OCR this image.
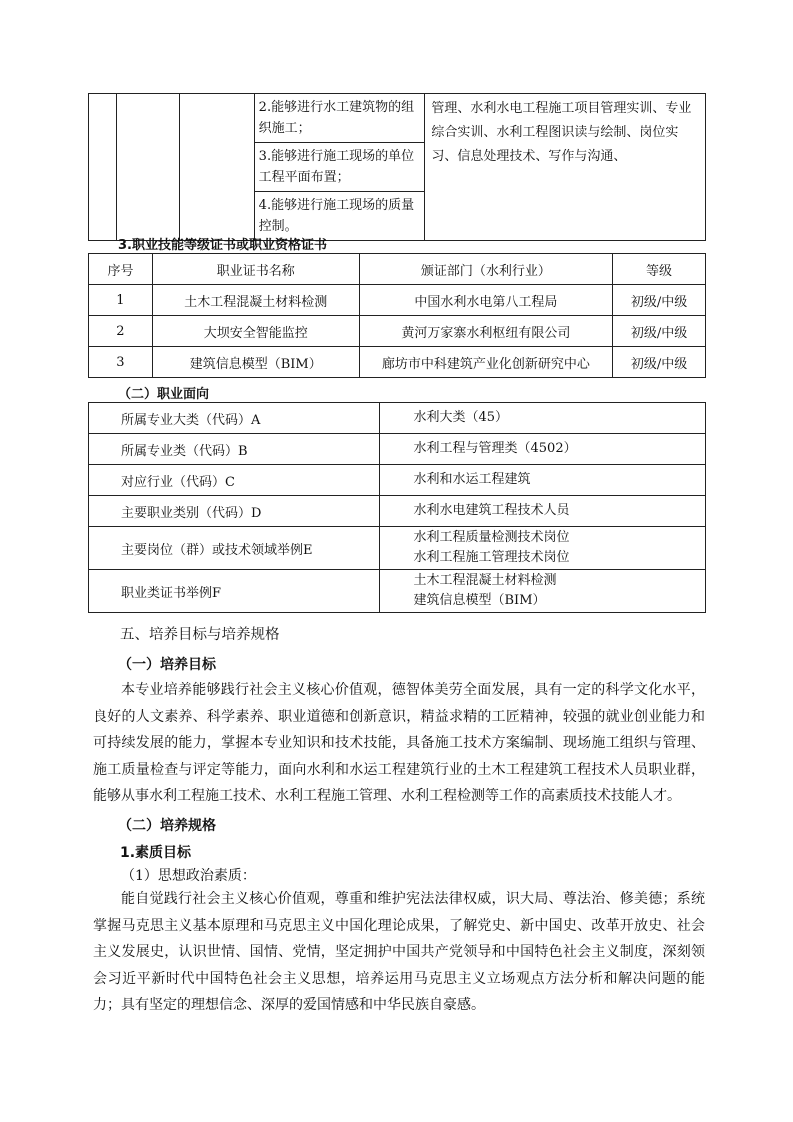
			2.能够进行水工建筑物的组织施工；	管理、水利水电工程施工项目管理实训、专业综合实训、水利工程图识读与绘制、岗位实习、信息处理技术、写作与沟通、
3.能够进行施工现场的单位工程平面布置；
4.能够进行施工现场的质量控制。
3.职业技能等级证书或职业资格证书
序号	职业证书名称	颁证部门（水利行业）	等级
1	土木工程混凝土材料检测	中国水利水电第八工程局	初级/中级
2	大坝安全智能监控	黄河万家寨水利枢纽有限公司	初级/中级
3	建筑信息模型（BIM）	廊坊市中科建筑产业化创新研究中心	初级/中级
（二）职业面向
所属专业大类（代码）A	水利大类（45）
所属专业类（代码）B	水利工程与管理类（4502）
对应行业（代码）C	水利和水运工程建筑
主要职业类别（代码）D	水利水电建筑工程技术人员
主要岗位（群）或技术领域举例E	水利工程质量检测技术岗位
水利工程施工管理技术岗位

职业类证书举例F	土木工程混凝土材料检测
建筑信息模型（BIM）
五、培养目标与培养规格
（一）培养目标
本专业培养能够践行社会主义核心价值观，德智体美劳全面发展，具有一定的科学文化水平，良好的人文素养、科学素养、职业道德和创新意识，精益求精的工匠精神，较强的就业创业能力和可持续发展的能力，掌握本专业知识和技术技能，具备施工技术方案编制、现场施工组织与管理、施工质量检查与评定等能力，面向水利和水运工程建筑行业的土木工程建筑工程技术人员职业群，能够从事水利工程施工技术、水利工程施工管理、水利工程检测等工作的高素质技术技能人才。
（二）培养规格
1.素质目标
（1）思想政治素质：
能自觉践行社会主义核心价值观，尊重和维护宪法法律权威，识大局、尊法治、修美德；系统掌握马克思主义基本原理和马克思主义中国化理论成果，了解党史、新中国史、改革开放史、社会主义发展史，认识世情、国情、党情，坚定拥护中国共产党领导和中国特色社会主义制度，深刻领会习近平新时代中国特色社会主义思想，培养运用马克思主义立场观点方法分析和解决问题的能力；具有坚定的理想信念、深厚的爱国情感和中华民族自豪感。
